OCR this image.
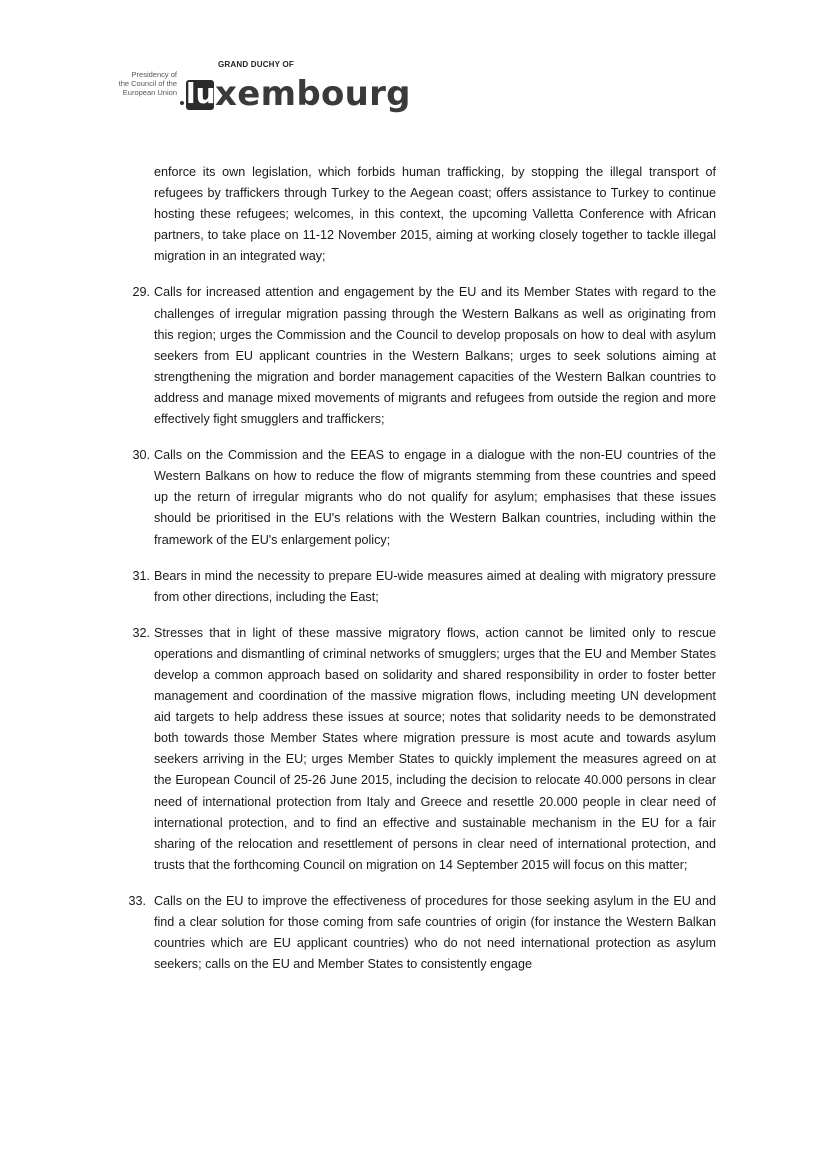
Presidency of
the Council of the
European Union
GRAND DUCHY OF
lu xembourg

enforce its own legislation, which forbids human trafficking, by stopping the illegal transport of refugees by traffickers through Turkey to the Aegean coast; offers assistance to Turkey to continue hosting these refugees; welcomes, in this context, the upcoming Valletta Conference with African partners, to take place on 11-12 November 2015, aiming at working closely together to tackle illegal migration in an integrated way;

29. Calls for increased attention and engagement by the EU and its Member States with regard to the challenges of irregular migration passing through the Western Balkans as well as originating from this region; urges the Commission and the Council to develop proposals on how to deal with asylum seekers from EU applicant countries in the Western Balkans; urges to seek solutions aiming at strengthening the migration and border management capacities of the Western Balkan countries to address and manage mixed movements of migrants and refugees from outside the region and more effectively fight smugglers and traffickers;
30. Calls on the Commission and the EEAS to engage in a dialogue with the non-EU countries of the Western Balkans on how to reduce the flow of migrants stemming from these countries and speed up the return of irregular migrants who do not qualify for asylum; emphasises that these issues should be prioritised in the EU's relations with the Western Balkan countries, including within the framework of the EU's enlargement policy;
31. Bears in mind the necessity to prepare EU-wide measures aimed at dealing with migratory pressure from other directions, including the East;
32. Stresses that in light of these massive migratory flows, action cannot be limited only to rescue operations and dismantling of criminal networks of smugglers; urges that the EU and Member States develop a common approach based on solidarity and shared responsibility in order to foster better management and coordination of the massive migration flows, including meeting UN development aid targets to help address these issues at source; notes that solidarity needs to be demonstrated both towards those Member States where migration pressure is most acute and towards asylum seekers arriving in the EU; urges Member States to quickly implement the measures agreed on at the European Council of 25-26 June 2015, including the decision to relocate 40.000 persons in clear need of international protection from Italy and Greece and resettle 20.000 people in clear need of international protection, and to find an effective and sustainable mechanism in the EU for a fair sharing of the relocation and resettlement of persons in clear need of international protection, and trusts that the forthcoming Council on migration on 14 September 2015 will focus on this matter;
33. Calls on the EU to improve the effectiveness of procedures for those seeking asylum in the EU and find a clear solution for those coming from safe countries of origin (for instance the Western Balkan countries which are EU applicant countries) who do not need international protection as asylum seekers; calls on the EU and Member States to consistently engage
